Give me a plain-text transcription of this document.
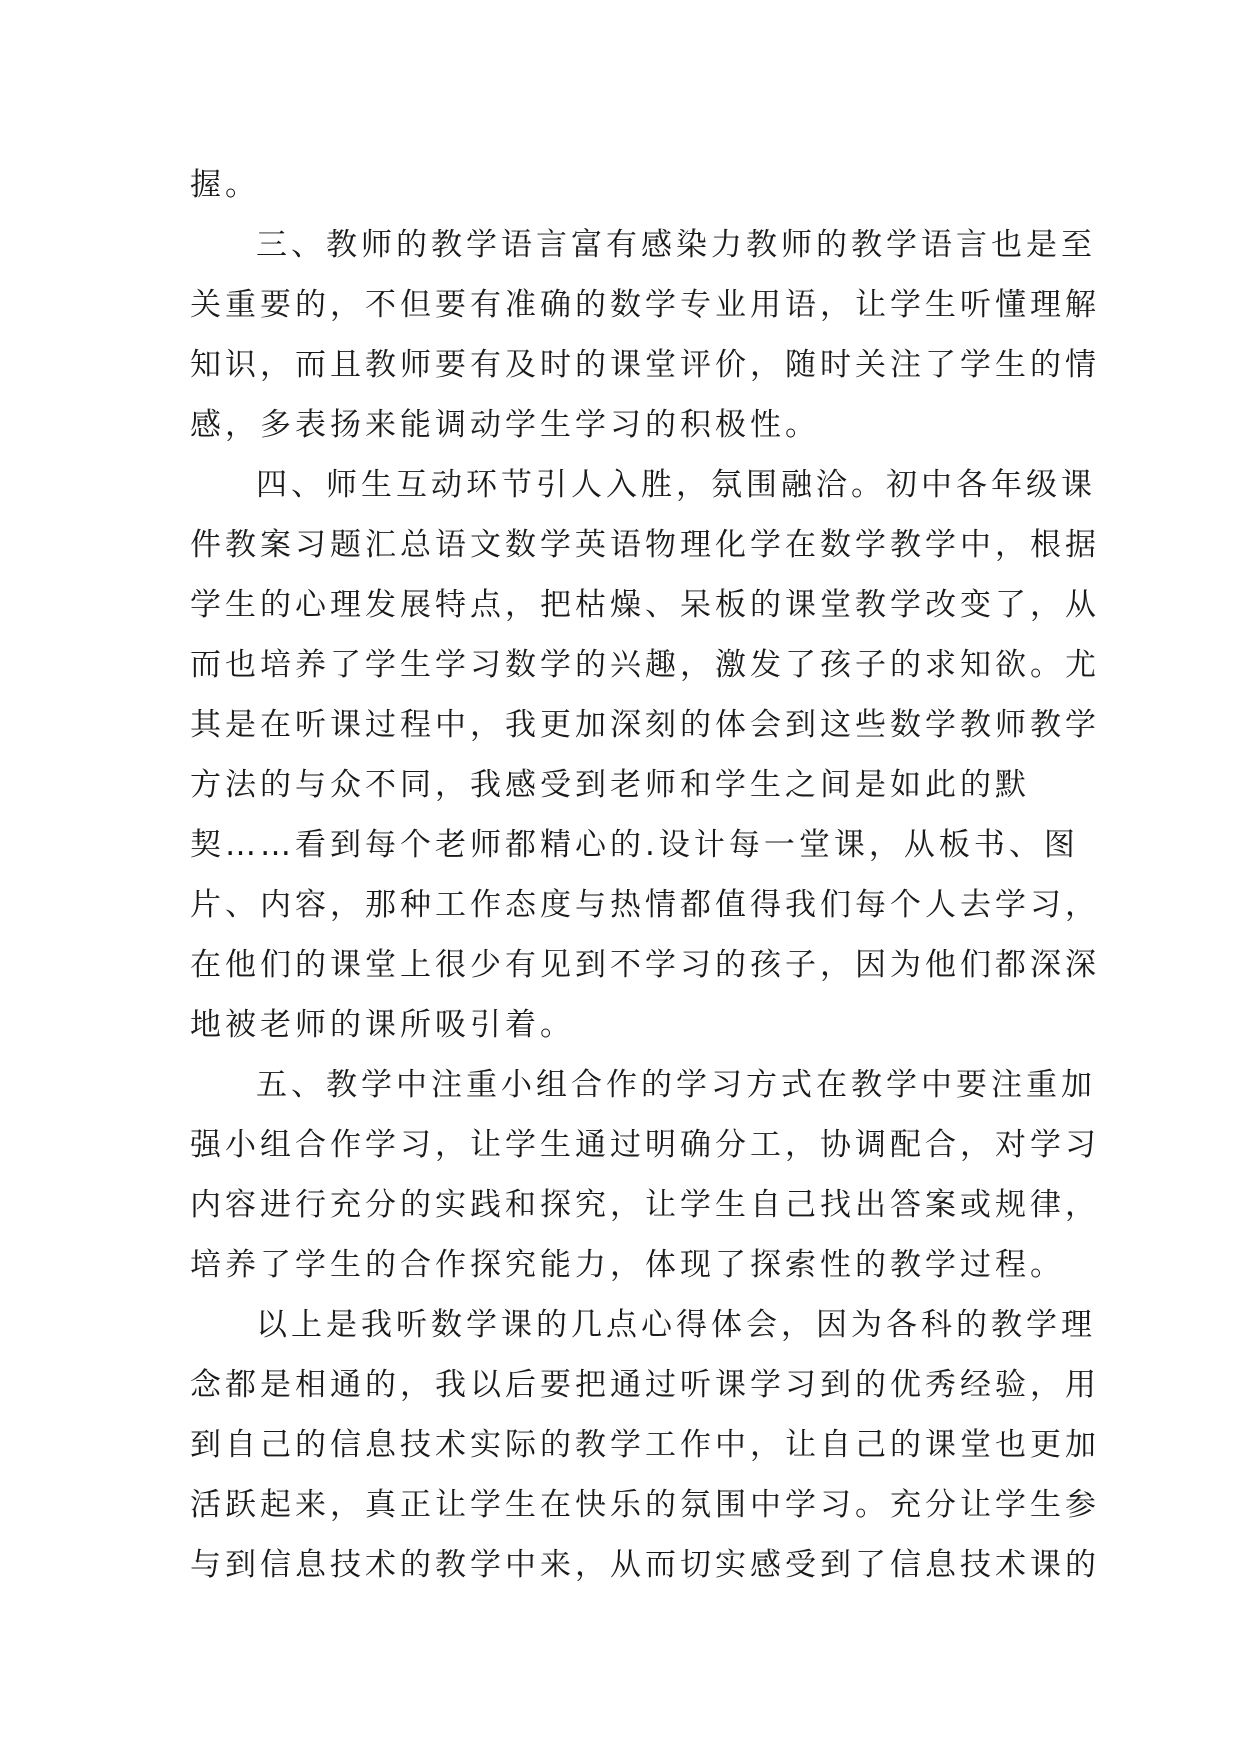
握。
三、教师的教学语言富有感染力教师的教学语言也是至
关重要的，不但要有准确的数学专业用语，让学生听懂理解
知识，而且教师要有及时的课堂评价，随时关注了学生的情
感，多表扬来能调动学生学习的积极性。
四、师生互动环节引人入胜，氛围融洽。初中各年级课
件教案习题汇总语文数学英语物理化学在数学教学中，根据
学生的心理发展特点，把枯燥、呆板的课堂教学改变了，从
而也培养了学生学习数学的兴趣，激发了孩子的求知欲。尤
其是在听课过程中，我更加深刻的体会到这些数学教师教学
方法的与众不同，我感受到老师和学生之间是如此的默
契……看到每个老师都精心的.设计每一堂课，从板书、图
片、内容，那种工作态度与热情都值得我们每个人去学习，
在他们的课堂上很少有见到不学习的孩子，因为他们都深深
地被老师的课所吸引着。
五、教学中注重小组合作的学习方式在教学中要注重加
强小组合作学习，让学生通过明确分工，协调配合，对学习
内容进行充分的实践和探究，让学生自己找出答案或规律，
培养了学生的合作探究能力，体现了探索性的教学过程。
以上是我听数学课的几点心得体会，因为各科的教学理
念都是相通的，我以后要把通过听课学习到的优秀经验，用
到自己的信息技术实际的教学工作中，让自己的课堂也更加
活跃起来，真正让学生在快乐的氛围中学习。充分让学生参
与到信息技术的教学中来，从而切实感受到了信息技术课的
